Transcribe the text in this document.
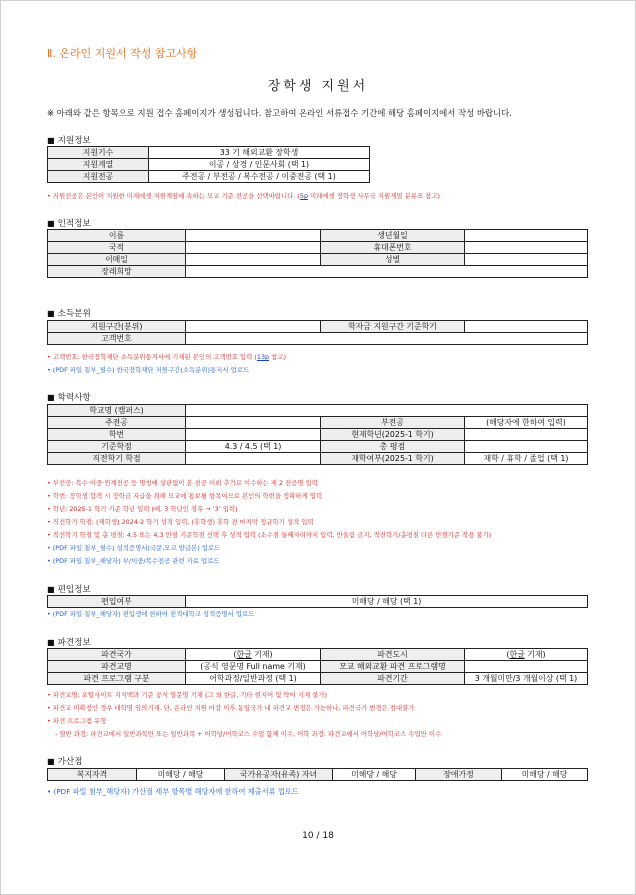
Ⅱ. 온라인 지원서 작성 참고사항
장학생 지원서
※ 아래와 같은 항목으로 지원 접수 홈페이지가 생성됩니다. 참고하여 온라인 서류접수 기간에 해당 홈페이지에서 작성 바랍니다.
■ 지원정보
지원기수	33 기 해외교환 장학생
지원계열	이공 / 상경 / 인문사회 (택 1)
지원전공	주전공 / 부전공 / 복수전공 / 이중전공 (택 1)
• 지원전공은 본인이 지원한 미래에셋 지원계열에 속하는 모교 기준 전공을 선택바랍니다. (5p 미래에셋 장학생 사무국 지원계열 분류표 참고)
■ 인적정보
이름		생년월일	
국적		휴대폰번호	
이메일		성별	
장래희망			
■ 소득분위
지원구간(분위)		학자금 지원구간 기준학기	
고객번호			
• 고객번호: 한국장학재단 소득분위통지서에 기재된 본인의 고객번호 입력 (13p 참고)
• (PDF 파일 첨부_필수) 한국장학재단 지원구간(소득분위)통지서 업로드
■ 학력사항
학교명 (캠퍼스)			
주전공		부전공	(해당자에 한하여 입력)
학번		현재학년(2025-1 학기)	
기준학점	4.3 / 4.5 (택 1)	총 평점	
직전학기 학점		재학여부(2025-1 학기)	재학 / 휴학 / 졸업 (택 1)
• 부전공: 복수·이중·연계전공 등 명칭에 상관없이 본 전공 이외 추가로 이수하는 제 2 전공명 입력
• 학번: 장학생 합격 시 장학금 지급을 위해 모교에 통보될 항목이므로 본인의 학번을 정확하게 입력
• 학년: 2025-1 학기 기준 학년 입력 (예, 3 학년인 경우 → ‘3’ 입력)
• 직전학기 학점: (재학생) 2024-2 학기 성적 입력, (휴학생) 휴학 전 마지막 정규학기 성적 입력
• 직전학기 학점 및 총 평점: 4.5 또는 4.3 만점 기준학점 선택 후 성적 입력 (소수점 둘째자리까지 입력, 반올림 금지, 직전학기/총평점 다른 만점기준 작용 불가)
• (PDF 파일 첨부_필수) 성적증명서(국문,모교 발급본) 업로드
• (PDF 파일 첨부_해당자) 부/이중/복수전공 관련 자료 업로드
■ 편입정보
편입여부	미해당 / 해당 (택 1)
• (PDF 파일 첨부_해당자) 편입생에 한하여 전적대학교 성적증명서 업로드
■ 파견정보
파견국가	(한글 기재)	파견도시	(한글 기재)
파견교명	(공식 영문명 Full name 기재)	모교 해외교환 파견 프로그램명	
파견 프로그램 구분	어학과정/일반과정 (택 1)	파견기간	3 개월미만/3 개월이상 (택 1)
• 파견교명: 포털사이트 지식백과 기준 공식 영문명 기재 (그 외 한글, 기타 현지어 및 약어 기재 불가)
• 파견교 미확정인 경우 대학명 임의기재. 단, 온라인 지원 마감 이후 동일국가 내 파견교 변경은 가능하나, 파견국가 변경은 절대불가
• 파견 프로그램 유형
- 일반 과정: 파견교에서 일반과목만 또는 일반과목 + 어학당/어학코스 수업 함께 이수, 어학 과정: 파견교에서 어학당/어학코스 수업만 이수
■ 가산점
복지자격	미해당 / 해당	국가유공자(유족) 자녀	미해당 / 해당	장애가정	미해당 / 해당
• (PDF 파일 첨부_해당자) 가산점 세부 항목별 해당자에 한하여 제출서류 업로드
10 / 18
